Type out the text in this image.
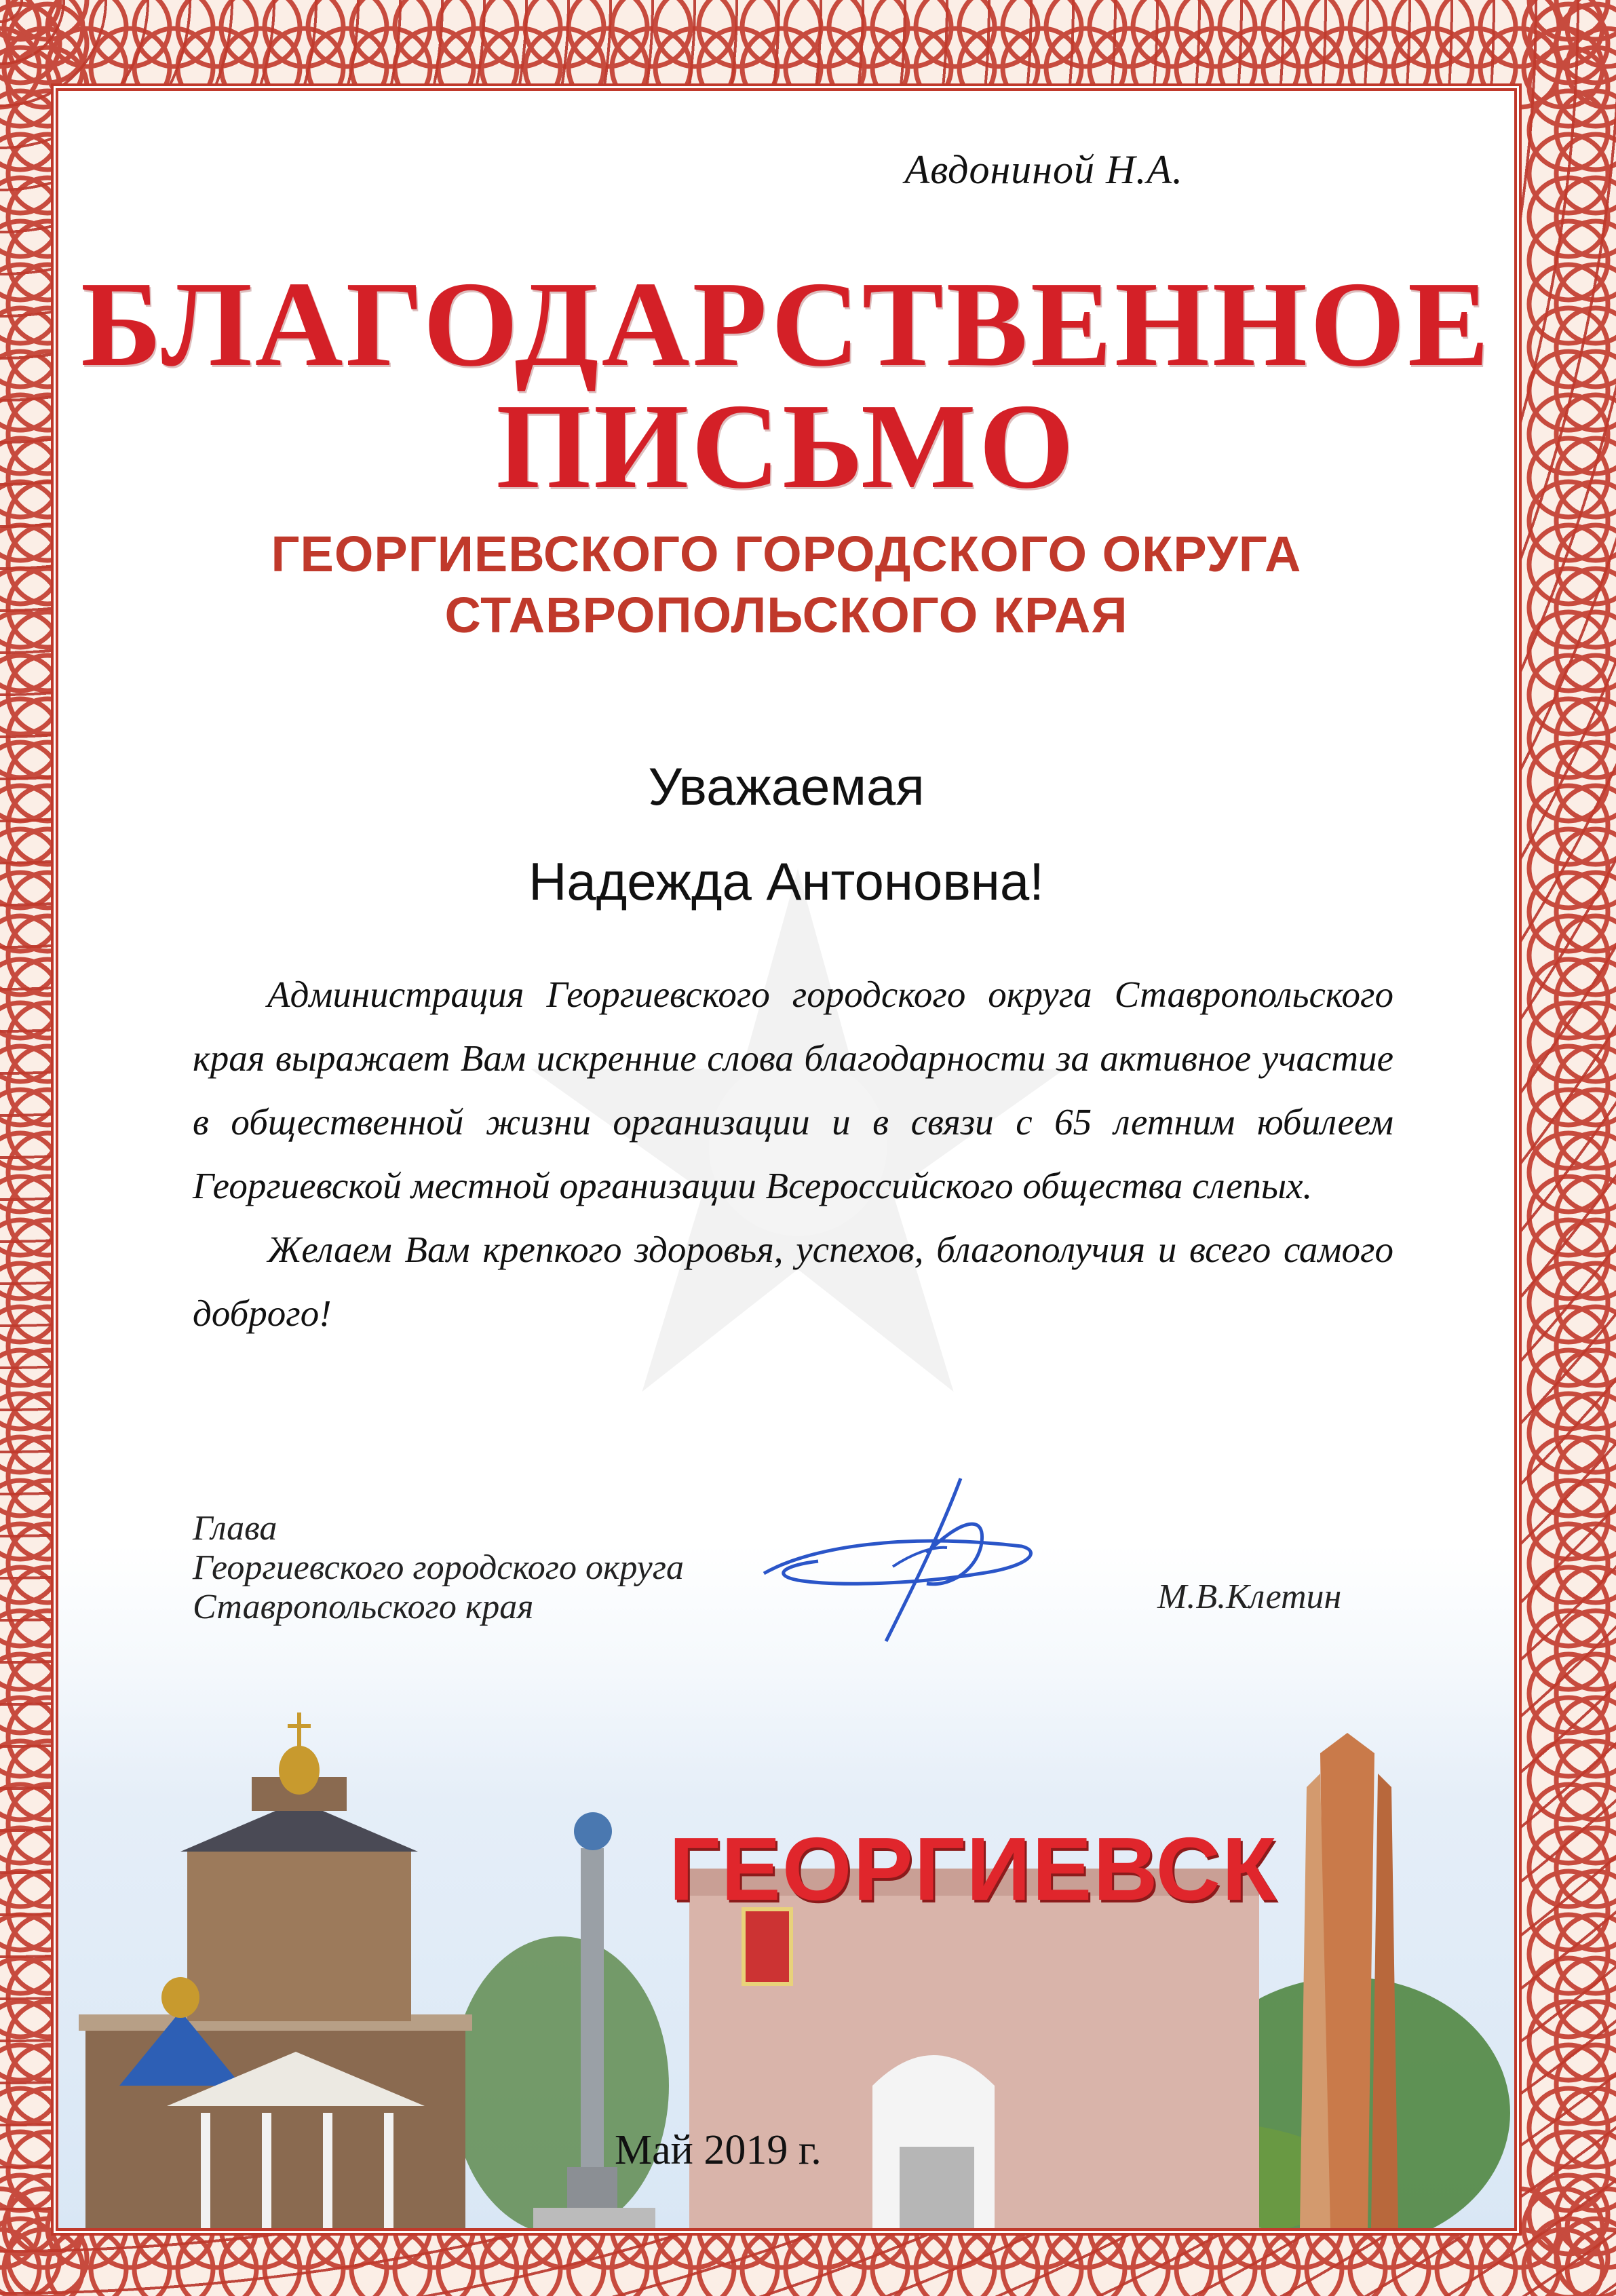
Авдониной Н.А.
БЛАГОДАРСТВЕННОЕ
ПИСЬМО
ГЕОРГИЕВСКОГО ГОРОДСКОГО ОКРУГА
СТАВРОПОЛЬСКОГО КРАЯ
Уважаемая
Надежда Антоновна!

Администрация Георгиевского городского округа Ставропольского края выражает Вам искренние слова благодарности за активное участие в общественной жизни организации и в связи с 65 летним юбилеем Георгиевской местной организации Всероссийского общества слепых.

Желаем Вам крепкого здоровья, успехов, благополучия и всего самого доброго!

Глава
Георгиевского городского округа
Ставропольского края	М.В.Клетин
ГЕОРГИЕВСК
Май 2019 г.
